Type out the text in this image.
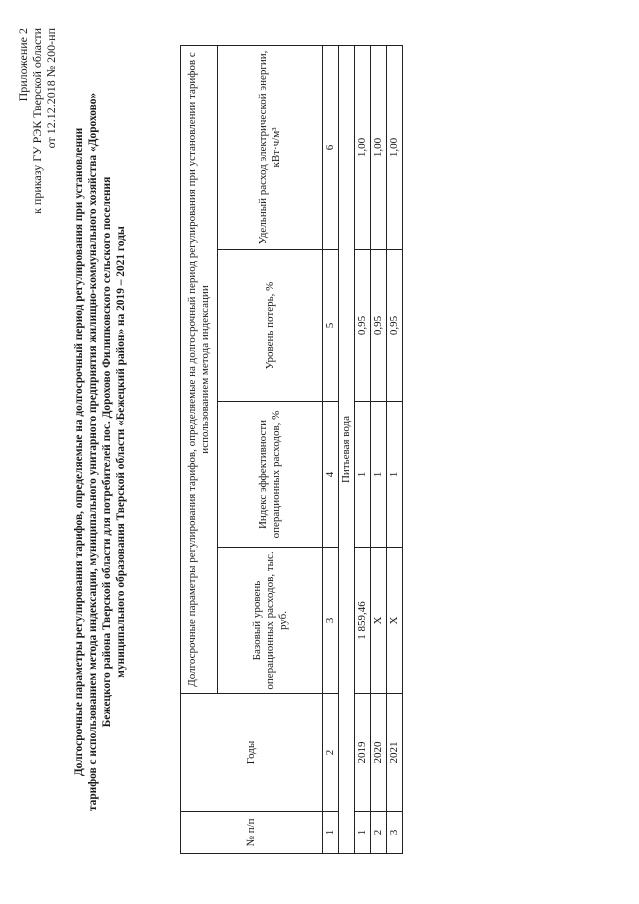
Приложение 2 к приказу ГУ РЭК Тверской области от 12.12.2018 № 200-нп
Долгосрочные параметры регулирования тарифов, определяемые на долгосрочный период регулирования при установлении тарифов с использованием метода индексации, муниципального унитарного предприятия жилищно-коммунального хозяйства «Дорохово» Бежецкого района Тверской области для потребителей пос. Дорохово Филипковского сельского поселения муниципального образования Тверской области «Бежецкий район» на 2019 – 2021 годы
№ п/п	Годы	Долгосрочные параметры регулирования тарифов, определяемые на долгосрочный период регулирования при установлении тарифов с использованием метода индексации			
		Базовый уровень операционных расходов, тыс. руб.	Индекс эффективности операционных расходов, %	Уровень потерь, %	Удельный расход электрической энергии, кВт·ч/м³
1	2	3	4	5	6
Питьевая вода					
1	2019	1 859,46	1	0,95	1,00
2	2020	X	1	0,95	1,00
3	2021	X	1	0,95	1,00
